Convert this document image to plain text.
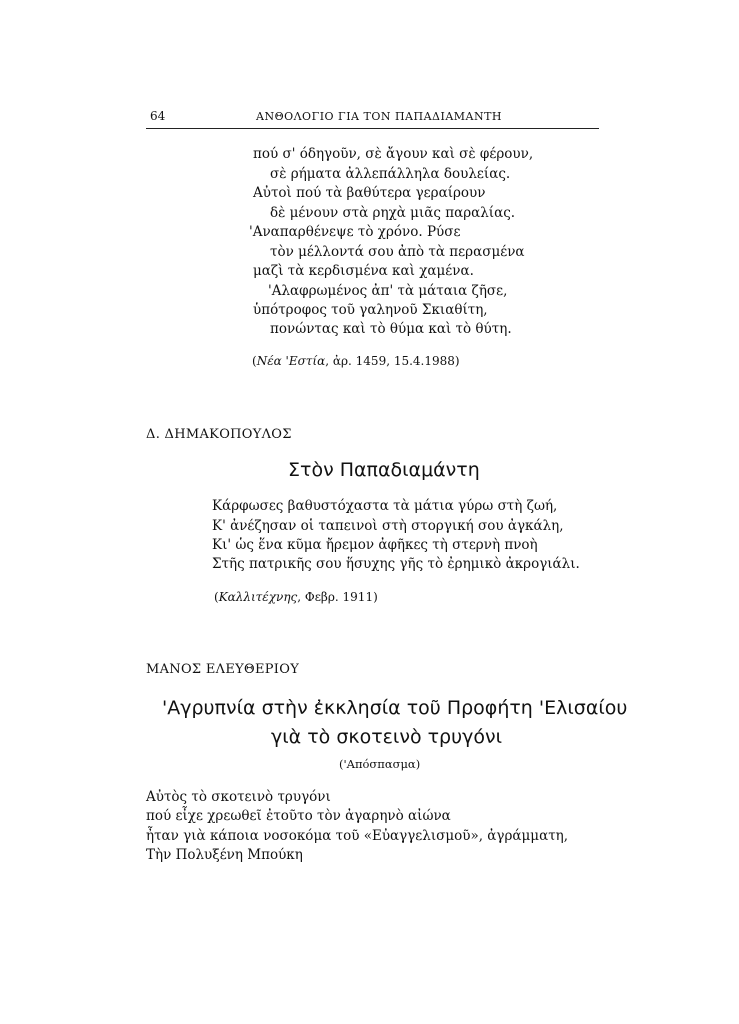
64	ΑΝΘΟΛΟΓΙΟ ΓΙΑ ΤΟΝ ΠΑΠΑΔΙΑΜΑΝΤΗ
πού σ' όδηγοῦν, σὲ ἄγουν καὶ σὲ φέρουν,
σὲ ρήματα ἀλλεπάλληλα δουλείας.
Αὐτοὶ πού τὰ βαθύτερα γεραίρουν
δὲ μένουν στὰ ρηχὰ μιᾶς παραλίας.
'Αναπαρθένεψε τὸ χρόνο. Ρύσε
τὸν μέλλοντά σου ἀπὸ τὰ περασμένα
μαζὶ τὰ κερδισμένα καὶ χαμένα.
'Αλαφρωμένος ἀπ' τὰ μάταια ζῆσε,
ὑπότροφος τοῦ γαληνοῦ Σκιαθίτη,
πονώντας καὶ τὸ θύμα καὶ τὸ θύτη.
(Νέα 'Εστία, ἀρ. 1459, 15.4.1988)
Δ. ΔΗΜΑΚΟΠΟΥΛΟΣ
Στὸν Παπαδιαμάντη
Κάρφωσες βαθυστόχαστα τὰ μάτια γύρω στὴ ζωή,
Κ' ἀνέζησαν οἱ ταπεινοὶ στὴ στοργική σου ἀγκάλη,
Κι' ὡς ἕνα κῦμα ἤρεμον ἀφῆκες τὴ στερνὴ πνοὴ
Στῆς πατρικῆς σου ἥσυχης γῆς τὸ ἐρημικὸ ἀκρογιάλι.
(Καλλιτέχνης, Φεβρ. 1911)
ΜΑΝΟΣ ΕΛΕΥΘΕΡΙΟΥ
'Αγρυπνία στὴν ἐκκλησία τοῦ Προφήτη 'Ελισαίου
γιὰ τὸ σκοτεινὸ τρυγόνι
('Απόσπασμα)
Αὐτὸς τὸ σκοτεινὸ τρυγόνι
πού εἶχε χρεωθεῖ ἐτοῦτο τὸν ἀγαρηνὸ αἰώνα
ἦταν γιὰ κάποια νοσοκόμα τοῦ «Εὐαγγελισμοῦ», ἀγράμματη,
Τὴν Πολυξένη Μπούκη
